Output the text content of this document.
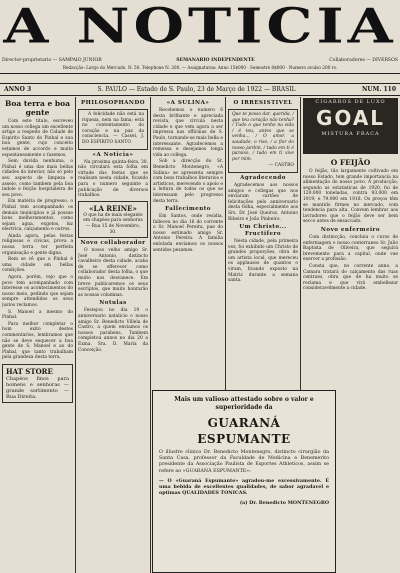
A NOTICIA
Director-proprietario — SAMPAIO JUNIOR	SEMANARIO INDEPENDENTE	Collaboradores — DIVERSOS
Redacção: Largo do Mercado, N. 50. Telephone N. 200. — Assignaturas: Anno 15$000 · Semestre 8$000 · Numero avulso 200 rs.
ANNO 3	S. PAULO — Estado de S. Paulo, 23 de Março de 1922 — BRASIL	NUM. 110
Boa terra e boa gente

Com este titulo, escreveu um nosso collega um excellente artigo a respeito de Cidade de Espirito Santo do Pinhal e sua boa gente, cujo conceito estamos de accordo e muito espontaneamente o fazemos.

Sem duvida nenhuma, o Pinhal é uma das mais bellas cidades do interior, não só pelo seu aspecto de limpeza e asseio, como tambem pela boa indole e feição hospitaleira de seu povo.

Em matéria de progresso, o Pinhal tem acompanhado os demais municipios e já possue bons melhoramentos, como sejam agua, exgotos, luz electrica, calçamento e outros.

Ainda agora, pelas festas religiosas e civicas, prova a nossa terra ter perfeita organisação e gente digna.

Bem se vê que o Pinhal é uma cidade em bellas condições.

Agora, porém, vejo que o povo tem acompanhado com interesse os acontecimentos do nosso meio, pedindo que sejam sempre attendidos os seus justos reclamos.

S. Manoel a mesmo do Pinhal.

Para melhor completar o bom exito destes commentarios, lembramos que não se deve esquecer a boa gente de S. Manoel e ao do Pinhal, que tanto trabalham pela grandeza desta terra.

HAT STORE
Chapéos finos para homens e senhoras — grande sortimento — Rua Direita.
PHILOSOPHANDO

A felicidade não está na riqueza, nem na fama; está no contentamento do coração e na paz da consciencia. — Cassel, J. DO ESPIRITO SANTO

«A Noticia»

Na proxima quinta-feira, 30, não circulará esta folha em virtude das festas que se realisam nesta cidade, ficando para o numero seguinte a publicação de diversos trabalhos.

«LA REINE»
O que ha de mais elegante em chapéos para senhoras — Rua 15 de Novembro, 30.
Novo collaborador

O nosso velho amigo Sr. José Antonio, distincto cavalheiro desta cidade, acaba de se offerecer como collaborador desta folha, o que muito nos desvanece. Em breve publicaremos os seus escriptos, que muito honrarão as nossas columnas.

Notulas

Festejou no dia 19 o anniversario natalicio o nosso amigo Sr. Benedicto Villela de Castro, a quem enviamos os nossos parabens. Tambem completou annos no dia 20 a Exma. Sra. D. Maria da Conceição.

«A SULINA»

Recebemos o numero 6 desta brilhante e apreciada revista, que circula nesta cidade e que vem agora a ser impressa nas officinas de S. Paulo, tornando-se mais bella e interessante. Agradecemos a remessa e desejamos longa vida ao collega.

Sob a direcção do Sr. Benedicto Montenegro, «A Sulina» se apresenta sempre com bons trabalhos literarios e artisticos, merecendo o apoio e a leitura de todos os que se interessam pelo progresso desta terra.

Fallecimento

Em Santos, onde residia, falleceu no dia 16 do corrente o Sr. Manoel Pereira, pae do nosso estimado amigo Sr. Antonio Pereira. A familia enlutada enviamos os nossos sentidos pezames.

O IRRESISTIVEL

Que te posso dar, querida, / que teu coração não tenha? / Tudo o que tenho na vida / é teu, antes que se venha... / O amor, a saudade, o riso, / a flor do nosso jardim, / tudo em ti é paraiso, / tudo em ti vive por mim.

— CASTRO

Agradecendo

Agradecemos aos nossos amigos e collegas que nos enviaram cartões de felicitações pelo anniversario desta folha, especialmente aos Srs. Dr. José Queiroz, Antonio Ribeiro e João Pinheiro.

Um Christo... Fructifero

Nesta cidade, pela primeira vez, foi exhibido um Christo de grandes proporções, obra de um artista local, que mereceu os applausos de quantos o viram, ficando exposto na Matriz durante a semana santa.

CIGARROS DE LUXO
GOAL
MISTURA FRACA
O FEIJÃO

O feijão, tão largamente cultivado em nosso Estado, tem grande importancia na alimentação do nosso povo. A producção, segundo as estatisticas de 1920, foi de 120.000 toneladas, contra 93.000 em 1919, e 79.000 em 1918. Os preços têm se mantido firmes no mercado, com tendencia para alta. Convem lembrar aos lavradores que o feijão deve ser bem secco antes de ensaccado.

Novo enfermeiro

Com distincção, concluiu o curso de enfermagem o nosso conterraneo Sr. Julio Baptista de Oliveira, que seguirá brevemente para a capital, onde vae exercer a profissão.

Consta que, no corrente anno, a Camara tratará do calçamento das ruas centraes, obra que de ha muito se reclama e que virá embellezar consideravelmente a cidade.

Mais um valioso attestado sobre o valor e superioridade da
GUARANÁ ESPUMANTE
O illustre clinico Dr. Benedicto Montenegro, distincto cirurgião da Santa Casa, professor da Faculdade de Medicina e Benemerito presidente da Associação Paulista de Esportes Athleticos, assim se refere ao «GUARANÁ ESPUMANTE»:
— O «Guaraná Espumante» agradou-me excessivamente. É uma bebida de excellentes qualidades, de sabor agradavel e optimas QUALIDADES TONICAS.
(a) Dr. Benedicto MONTENEGRO
